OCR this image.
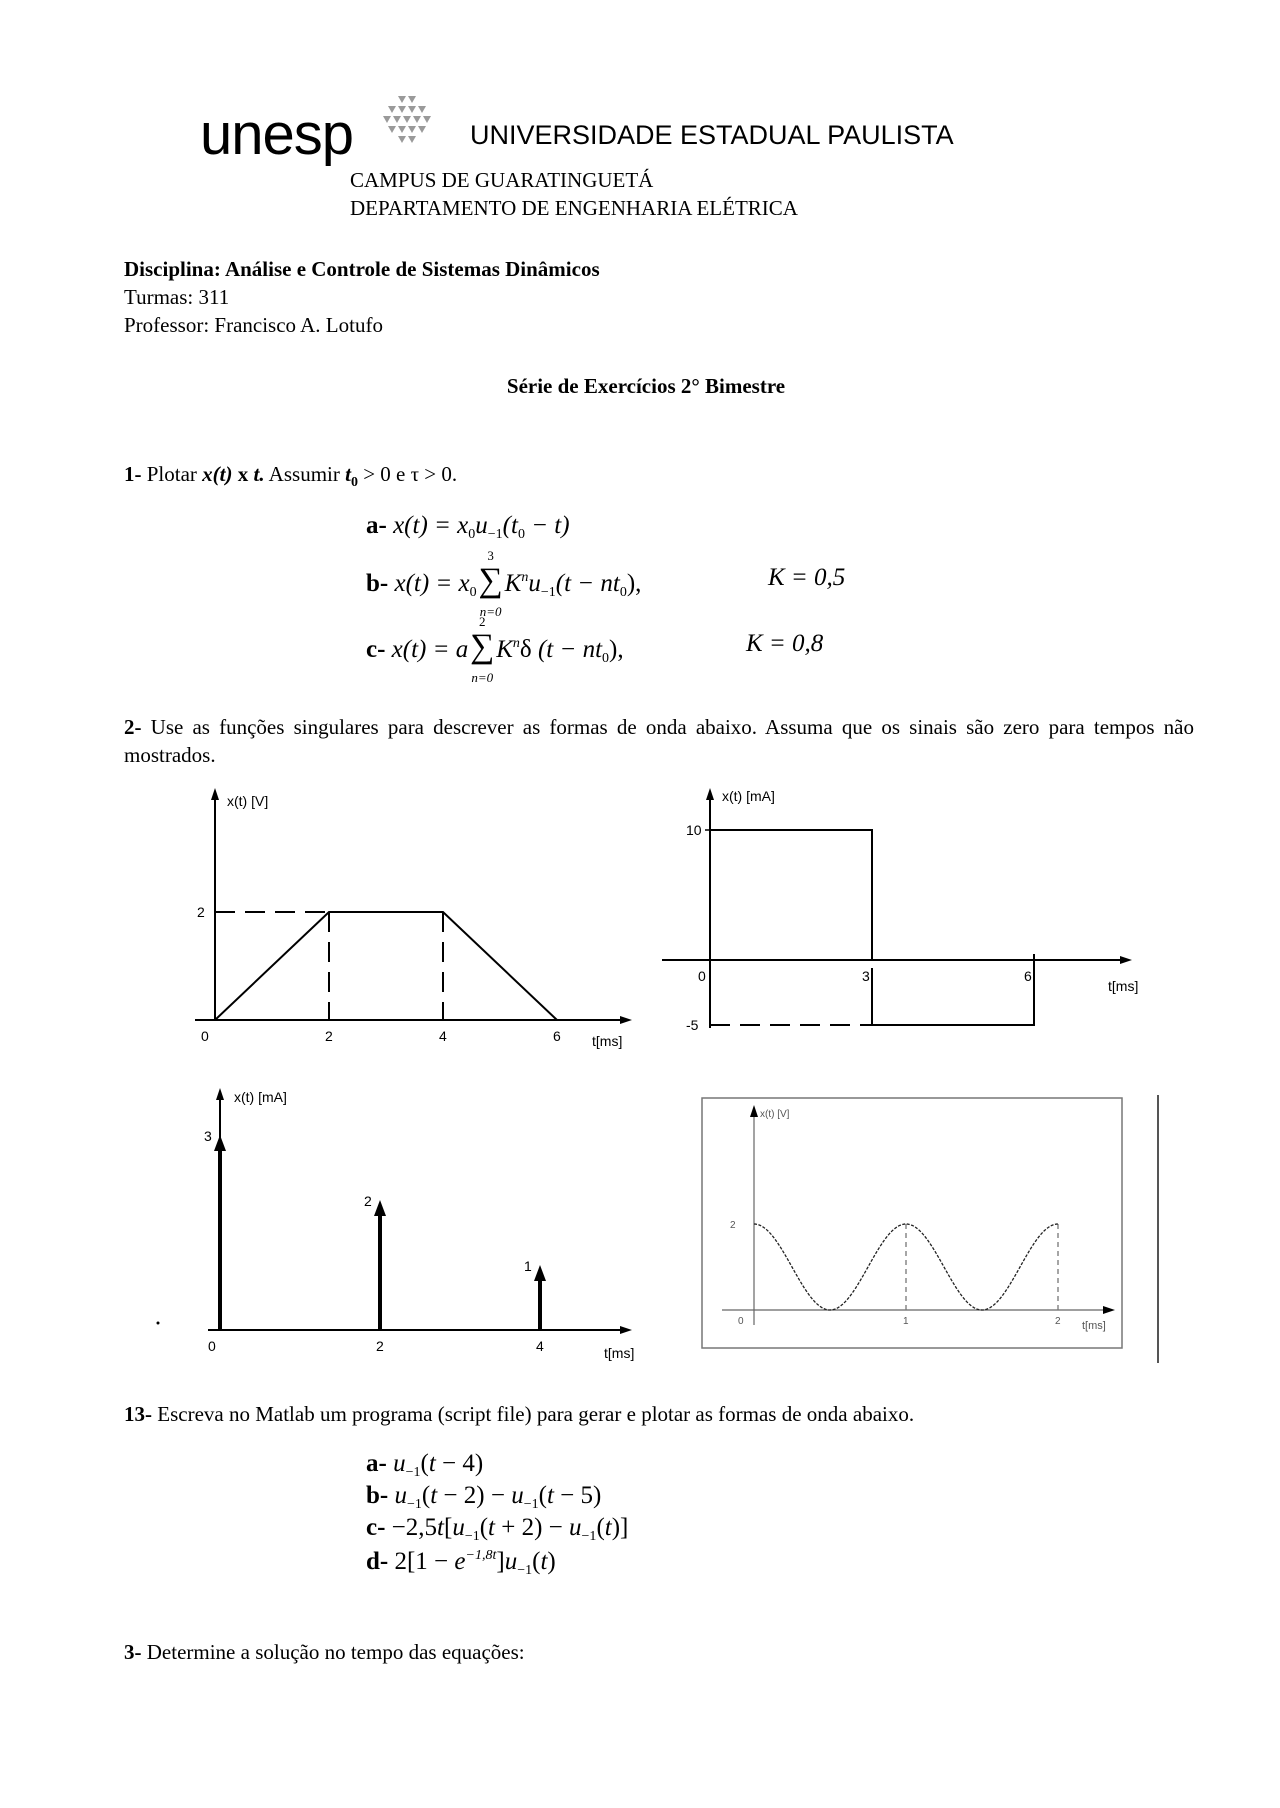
unesp	UNIVERSIDADE ESTADUAL PAULISTA
CAMPUS DE GUARATINGUETÁ
DEPARTAMENTO DE ENGENHARIA ELÉTRICA
Disciplina: Análise e Controle de Sistemas Dinâmicos
Turmas: 311
Professor: Francisco A. Lotufo
Série de Exercícios 2° Bimestre
1- Plotar x(t) x t. Assumir $t_0 > 0$ e τ > 0.
a- $x(t) = x_0u_{-1}(t_0 - t)$
b- $x(t) = x_0$
3
∑
n=0
$K^nu_{-1}(t - nt_0)$,	K = 0,5
c- x(t) = a
2
∑
n=0
$K^n\delta$ $(t - nt_0)$,	K = 0,8
2- Use as funções singulares para descrever as formas de onda abaixo. Assuma que os sinais são zero para tempos não mostrados.
x(t) [V]
t[ms]
0	2	4	6
2
x(t) [mA]
t[ms]
0	3	6
10
-5
x(t) [mA]
t[ms]
3
0
2
2
1
4
x(t) [V]
t[ms]
2
0	1	2
13- Escreva no Matlab um programa (script file) para gerar e plotar as formas de onda abaixo.
a- $u_{-1}(t - 4)$
b- $u_{-1}(t - 2) - u_{-1}(t - 5)$
$c- -2,5t[u_{-1}(t + 2) - u_{-1}(t)]$
d- $2[1 - e^{-1,8t}]u_{-1}(t)$
3- Determine a solução no tempo das equações:
